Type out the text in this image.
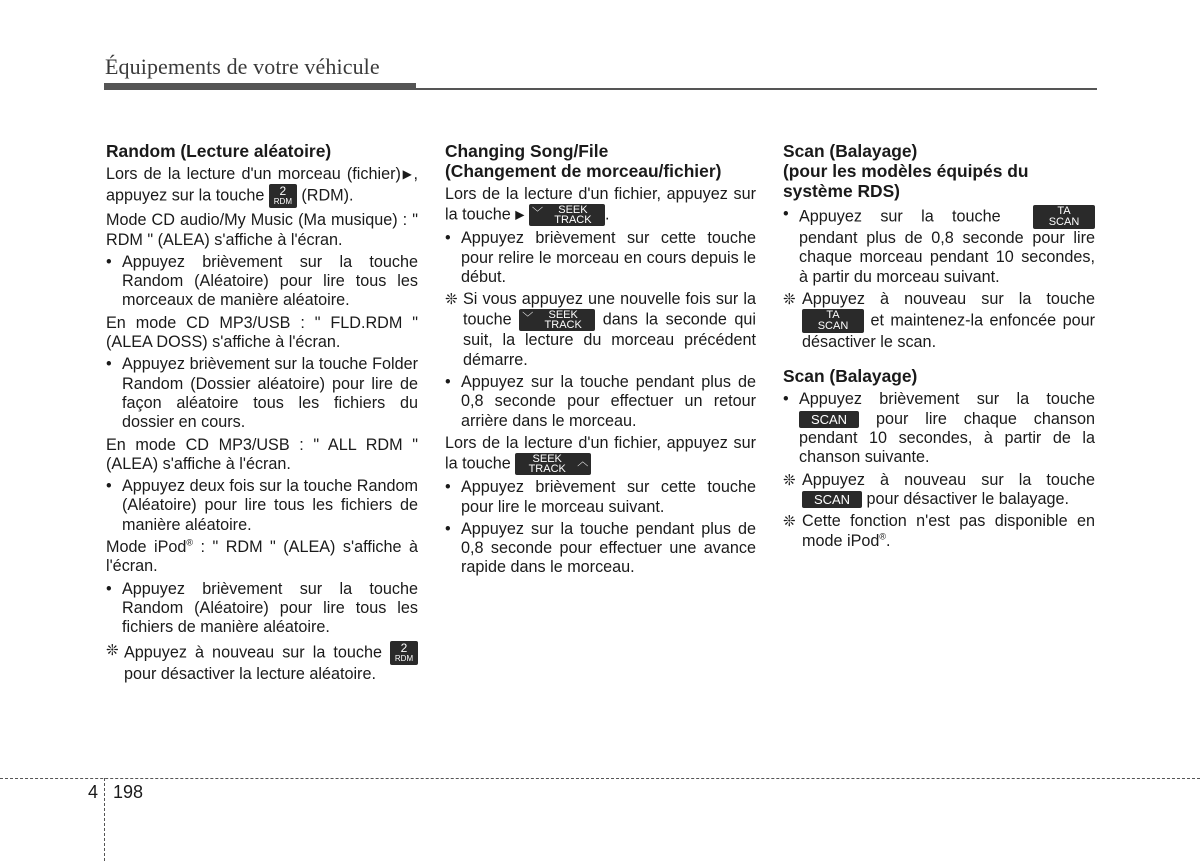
Équipements de votre véhicule
Random (Lecture aléatoire)

Lors de la lecture d'un morceau (fichier)▶, appuyez sur la touche	2
RDM (RDM).

Mode CD audio/My Music (Ma musique) : " RDM " (ALEA) s'affiche à l'écran.

• Appuyez brièvement sur la touche Random (Aléatoire) pour lire tous les morceaux de manière aléatoire.

En mode CD MP3/USB : " FLD.RDM " (ALEA DOSS) s'affiche à l'écran.

• Appuyez brièvement sur la touche Folder Random (Dossier aléatoire) pour lire de façon aléatoire tous les fichiers du dossier en cours.

En mode CD MP3/USB : " ALL RDM " (ALEA) s'affiche à l'écran.

• Appuyez deux fois sur la touche Random (Aléatoire) pour lire tous les fichiers de manière aléatoire.

Mode iPod® : " RDM " (ALEA) s'affiche à l'écran.

• Appuyez brièvement sur la touche Random (Aléatoire) pour lire tous les fichiers de manière aléatoire.
❊ Appuyez à nouveau sur la touche	2
RDM
pour désactiver la lecture aléatoire.
Changing Song/File
(Changement de morceau/fichier)

Lors de la lecture d'un fichier, appuyez sur la touche ▶ ﹀	SEEK
TRACK .

• Appuyez brièvement sur cette touche pour relire le morceau en cours depuis le début.
❊ Si vous appuyez une nouvelle fois sur la touche ﹀	SEEK
TRACK	dans la seconde qui suit, la lecture du morceau précédent démarre.
• Appuyez sur la touche pendant plus de 0,8 seconde pour effectuer un retour arrière dans le morceau.

Lors de la lecture d'un fichier, appuyez sur la touche	︿
SEEK
TRACK

• Appuyez brièvement sur cette touche pour lire le morceau suivant.
• Appuyez sur la touche pendant plus de 0,8 seconde pour effectuer une avance rapide dans le morceau.
Scan (Balayage)
(pour les modèles équipés du système RDS)
• Appuyez sur la touche	TA
SCAN
pendant plus de 0,8 seconde pour lire chaque morceau pendant 10 secondes, à partir du morceau suivant.
❊ Appuyez à nouveau sur la touche
TA
SCAN	et maintenez-la enfoncée pour désactiver le scan.
Scan (Balayage)
• Appuyez brièvement sur la touche SCAN pour lire chaque chanson pendant 10 secondes, à partir de la chanson suivante.
❊ Appuyez à nouveau sur la touche SCAN pour désactiver le balayage.
❊ Cette fonction n'est pas disponible en mode iPod®.
4 198
